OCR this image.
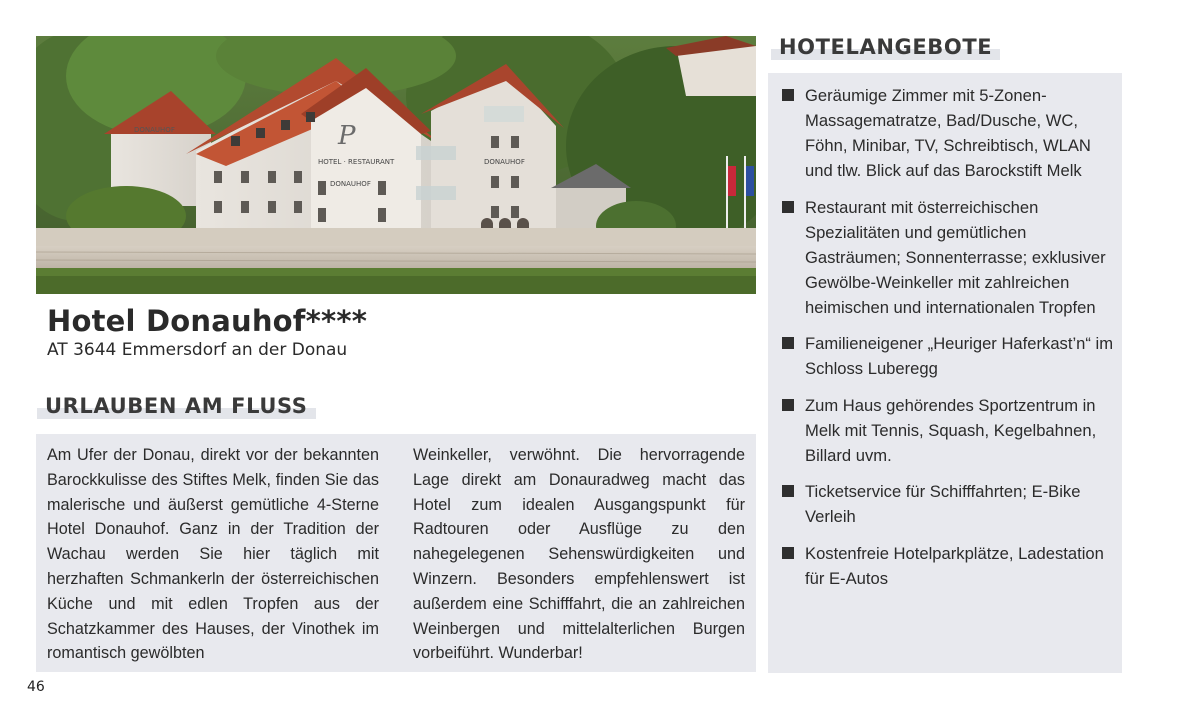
DONAUHOF	P
HOTEL · RESTAURANT
DONAUHOF
DONAUHOF
Hotel Donauhof****
AT 3644 Emmersdorf an der Donau
URLAUBEN AM FLUSS

Am Ufer der Donau, direkt vor der bekannten Barockkulisse des Stiftes Melk, finden Sie das malerische und äußerst gemütliche 4-Sterne Hotel Donauhof. Ganz in der Tradition der Wachau werden Sie hier täglich mit herzhaften Schmankerln der österreichischen Küche und mit edlen Tropfen aus der Schatzkammer des Hauses, der Vinothek im romantisch gewölbten

Weinkeller, verwöhnt. Die hervorragende Lage direkt am Donauradweg macht das Hotel zum idealen Ausgangspunkt für Radtouren oder Ausflüge zu den nahegelegenen Sehenswürdigkeiten und Winzern. Besonders empfehlenswert ist außerdem eine Schifffahrt, die an zahlreichen Weinbergen und mittelalterlichen Burgen vorbeiführt. Wunderbar!

HOTELANGEBOTE
Geräumige Zimmer mit 5-Zonen-Massagematratze, Bad/Dusche, WC, Föhn, Minibar, TV, Schreibtisch, WLAN und tlw. Blick auf das Barockstift Melk
Restaurant mit österreichischen Spezialitäten und gemütlichen Gasträumen; Sonnenterrasse; exklusiver Gewölbe-Weinkeller mit zahlreichen heimischen und internationalen Tropfen
Familieneigener „Heuriger Haferkast’n“ im Schloss Luberegg
Zum Haus gehörendes Sportzentrum in Melk mit Tennis, Squash, Kegelbahnen, Billard uvm.
Ticketservice für Schifffahrten; E-Bike Verleih
Kostenfreie Hotelparkplätze, Ladestation für E-Autos
46
